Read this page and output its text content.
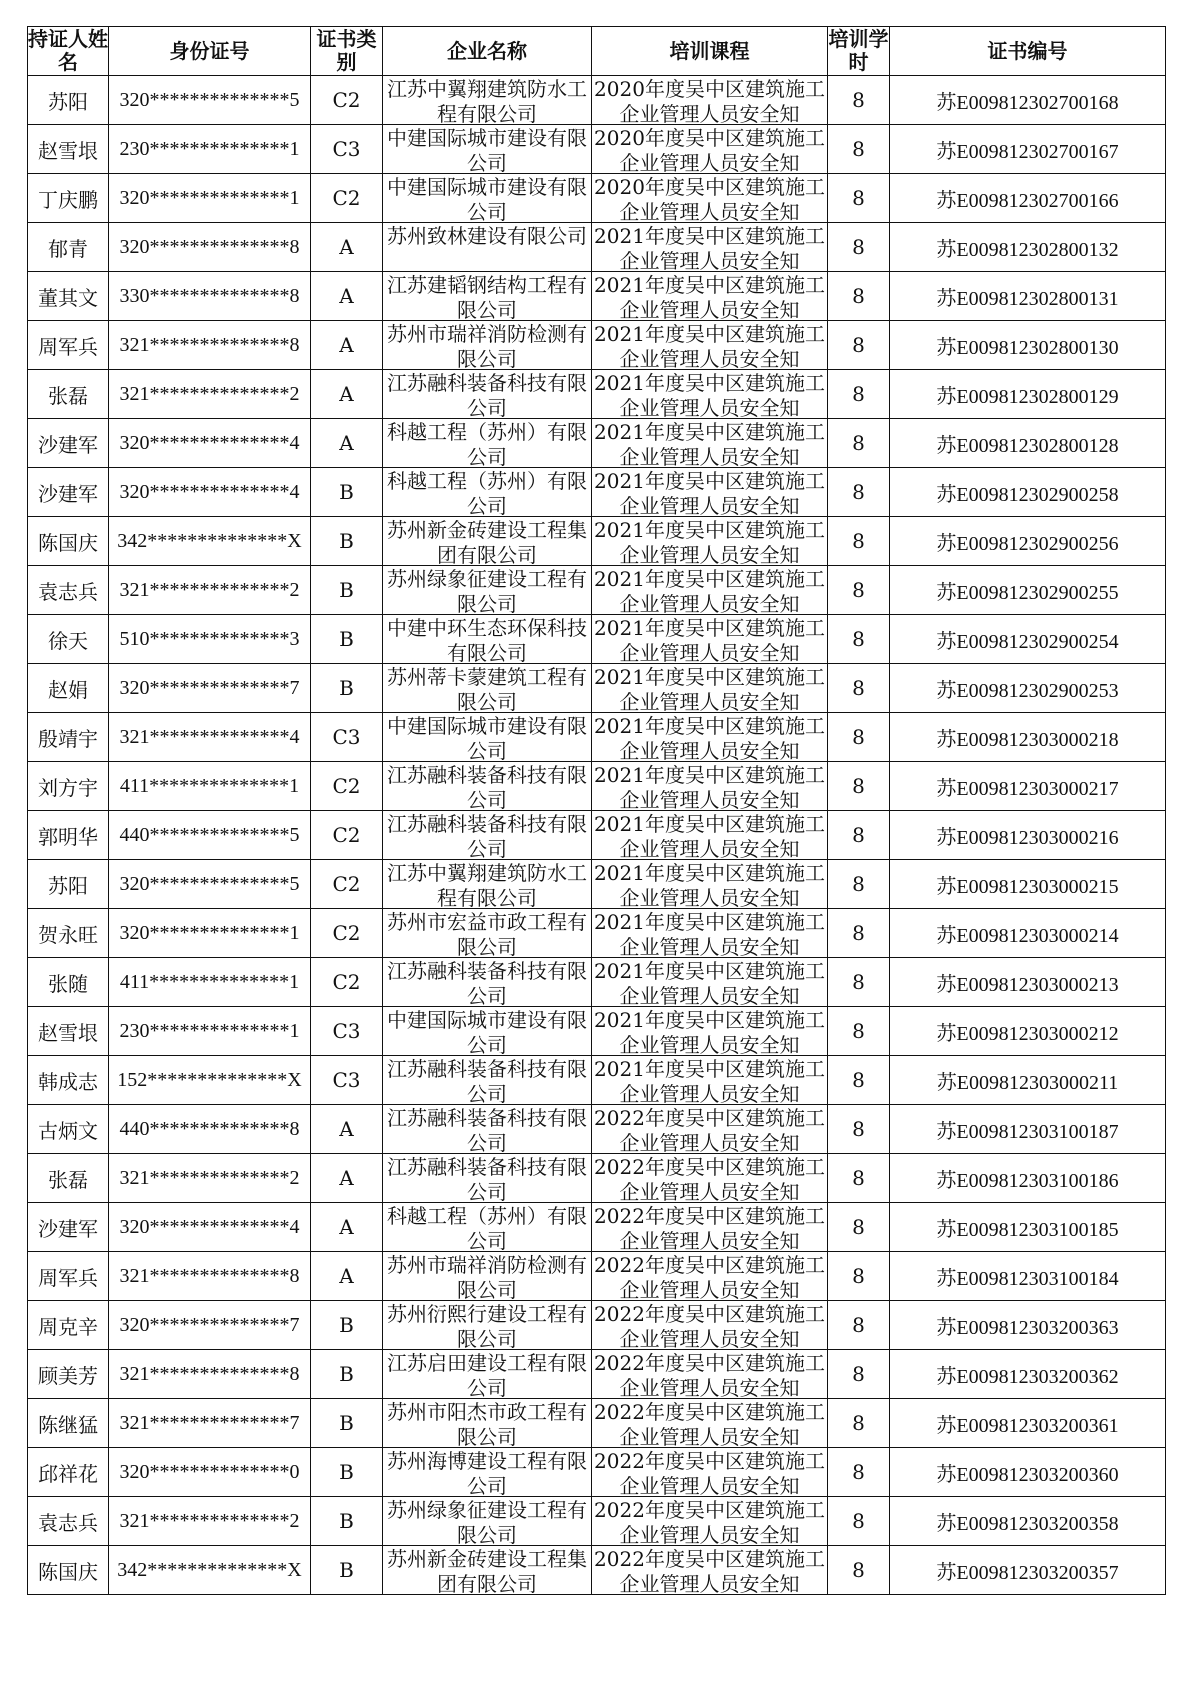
持证人姓名	身份证号	证书类别	企业名称	培训课程	培训学时	证书编号
苏阳	320**************5	C2	江苏中翼翔建筑防水工程有限公司	2020年度吴中区建筑施工企业管理人员安全知	8	苏E009812302700168
赵雪垠	230**************1	C3	中建国际城市建设有限公司	2020年度吴中区建筑施工企业管理人员安全知	8	苏E009812302700167
丁庆鹏	320**************1	C2	中建国际城市建设有限公司	2020年度吴中区建筑施工企业管理人员安全知	8	苏E009812302700166
郁青	320**************8	A	苏州致林建设有限公司	2021年度吴中区建筑施工企业管理人员安全知	8	苏E009812302800132
董其文	330**************8	A	江苏建韬钢结构工程有限公司	2021年度吴中区建筑施工企业管理人员安全知	8	苏E009812302800131
周军兵	321**************8	A	苏州市瑞祥消防检测有限公司	2021年度吴中区建筑施工企业管理人员安全知	8	苏E009812302800130
张磊	321**************2	A	江苏融科装备科技有限公司	2021年度吴中区建筑施工企业管理人员安全知	8	苏E009812302800129
沙建军	320**************4	A	科越工程（苏州）有限公司	2021年度吴中区建筑施工企业管理人员安全知	8	苏E009812302800128
沙建军	320**************4	B	科越工程（苏州）有限公司	2021年度吴中区建筑施工企业管理人员安全知	8	苏E009812302900258
陈国庆	342**************X	B	苏州新金砖建设工程集团有限公司	2021年度吴中区建筑施工企业管理人员安全知	8	苏E009812302900256
袁志兵	321**************2	B	苏州绿象征建设工程有限公司	2021年度吴中区建筑施工企业管理人员安全知	8	苏E009812302900255
徐天	510**************3	B	中建中环生态环保科技有限公司	2021年度吴中区建筑施工企业管理人员安全知	8	苏E009812302900254
赵娟	320**************7	B	苏州蒂卡蒙建筑工程有限公司	2021年度吴中区建筑施工企业管理人员安全知	8	苏E009812302900253
殷靖宇	321**************4	C3	中建国际城市建设有限公司	2021年度吴中区建筑施工企业管理人员安全知	8	苏E009812303000218
刘方宇	411**************1	C2	江苏融科装备科技有限公司	2021年度吴中区建筑施工企业管理人员安全知	8	苏E009812303000217
郭明华	440**************5	C2	江苏融科装备科技有限公司	2021年度吴中区建筑施工企业管理人员安全知	8	苏E009812303000216
苏阳	320**************5	C2	江苏中翼翔建筑防水工程有限公司	2021年度吴中区建筑施工企业管理人员安全知	8	苏E009812303000215
贺永旺	320**************1	C2	苏州市宏益市政工程有限公司	2021年度吴中区建筑施工企业管理人员安全知	8	苏E009812303000214
张随	411**************1	C2	江苏融科装备科技有限公司	2021年度吴中区建筑施工企业管理人员安全知	8	苏E009812303000213
赵雪垠	230**************1	C3	中建国际城市建设有限公司	2021年度吴中区建筑施工企业管理人员安全知	8	苏E009812303000212
韩成志	152**************X	C3	江苏融科装备科技有限公司	2021年度吴中区建筑施工企业管理人员安全知	8	苏E009812303000211
古炳文	440**************8	A	江苏融科装备科技有限公司	2022年度吴中区建筑施工企业管理人员安全知	8	苏E009812303100187
张磊	321**************2	A	江苏融科装备科技有限公司	2022年度吴中区建筑施工企业管理人员安全知	8	苏E009812303100186
沙建军	320**************4	A	科越工程（苏州）有限公司	2022年度吴中区建筑施工企业管理人员安全知	8	苏E009812303100185
周军兵	321**************8	A	苏州市瑞祥消防检测有限公司	2022年度吴中区建筑施工企业管理人员安全知	8	苏E009812303100184
周克辛	320**************7	B	苏州衍熙行建设工程有限公司	2022年度吴中区建筑施工企业管理人员安全知	8	苏E009812303200363
顾美芳	321**************8	B	江苏启田建设工程有限公司	2022年度吴中区建筑施工企业管理人员安全知	8	苏E009812303200362
陈继猛	321**************7	B	苏州市阳杰市政工程有限公司	2022年度吴中区建筑施工企业管理人员安全知	8	苏E009812303200361
邱祥花	320**************0	B	苏州海博建设工程有限公司	2022年度吴中区建筑施工企业管理人员安全知	8	苏E009812303200360
袁志兵	321**************2	B	苏州绿象征建设工程有限公司	2022年度吴中区建筑施工企业管理人员安全知	8	苏E009812303200358
陈国庆	342**************X	B	苏州新金砖建设工程集团有限公司	2022年度吴中区建筑施工企业管理人员安全知	8	苏E009812303200357
